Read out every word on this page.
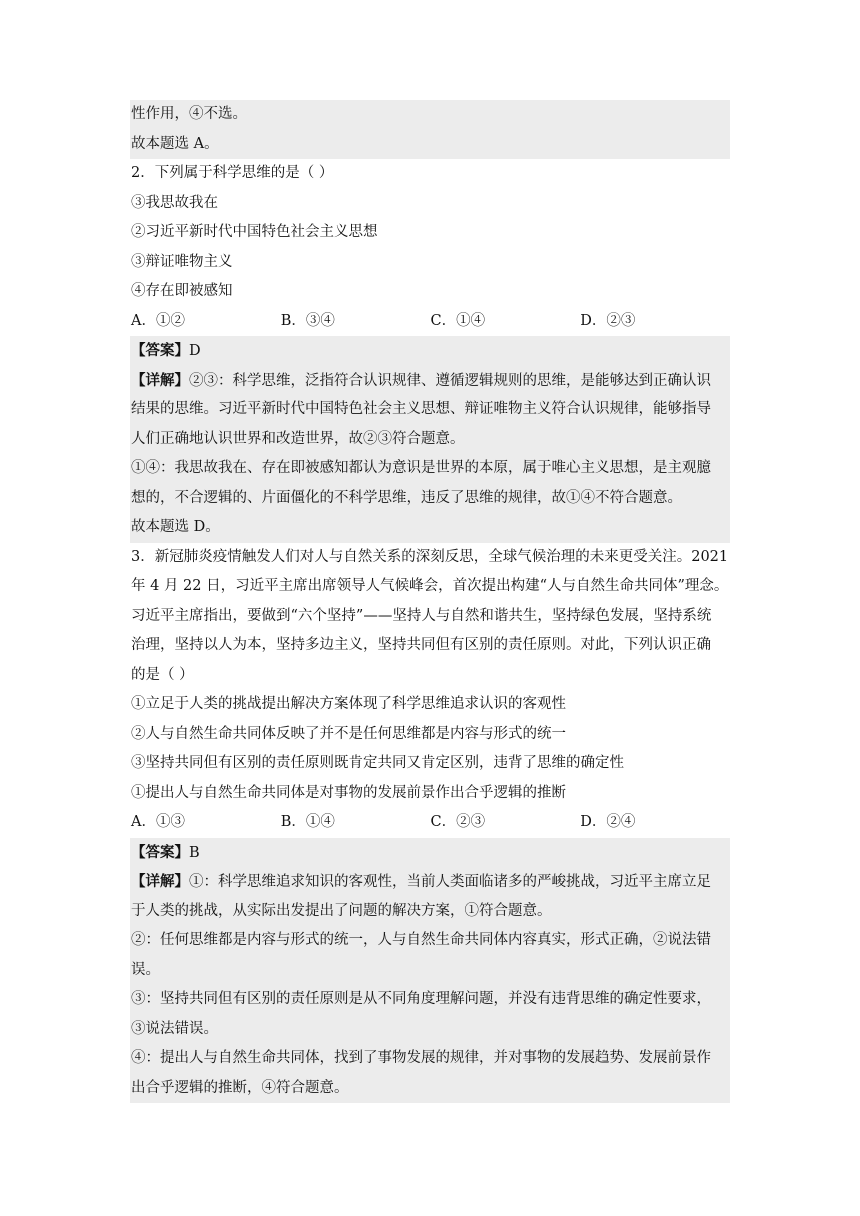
性作用，④不选。
故本题选 A。
2．下列属于科学思维的是（ ）
③我思故我在
②习近平新时代中国特色社会主义思想
③辩证唯物主义
④存在即被感知
A．①②	B．③④	C．①④	D．②③
【答案】D
【详解】②③：科学思维，泛指符合认识规律、遵循逻辑规则的思维，是能够达到正确认识
结果的思维。习近平新时代中国特色社会主义思想、辩证唯物主义符合认识规律，能够指导
人们正确地认识世界和改造世界，故②③符合题意。
①④：我思故我在、存在即被感知都认为意识是世界的本原，属于唯心主义思想，是主观臆
想的，不合逻辑的、片面僵化的不科学思维，违反了思维的规律，故①④不符合题意。
故本题选 D。
3．新冠肺炎疫情触发人们对人与自然关系的深刻反思，全球气候治理的未来更受关注。2021
年 4 月 22 日，习近平主席出席领导人气候峰会，首次提出构建“人与自然生命共同体”理念。
习近平主席指出，要做到“六个坚持”——坚持人与自然和谐共生，坚持绿色发展，坚持系统
治理，坚持以人为本，坚持多边主义，坚持共同但有区别的责任原则。对此，下列认识正确
的是（ ）
①立足于人类的挑战提出解决方案体现了科学思维追求认识的客观性
②人与自然生命共同体反映了并不是任何思维都是内容与形式的统一
③坚持共同但有区别的责任原则既肯定共同又肯定区别，违背了思维的确定性
①提出人与自然生命共同体是对事物的发展前景作出合乎逻辑的推断
A．①③	B．①④	C．②③	D．②④
【答案】B
【详解】①：科学思维追求知识的客观性，当前人类面临诸多的严峻挑战，习近平主席立足
于人类的挑战，从实际出发提出了问题的解决方案，①符合题意。
②：任何思维都是内容与形式的统一，人与自然生命共同体内容真实，形式正确，②说法错
误。
③：坚持共同但有区别的责任原则是从不同角度理解问题，并没有违背思维的确定性要求，
③说法错误。
④：提出人与自然生命共同体，找到了事物发展的规律，并对事物的发展趋势、发展前景作
出合乎逻辑的推断，④符合题意。
